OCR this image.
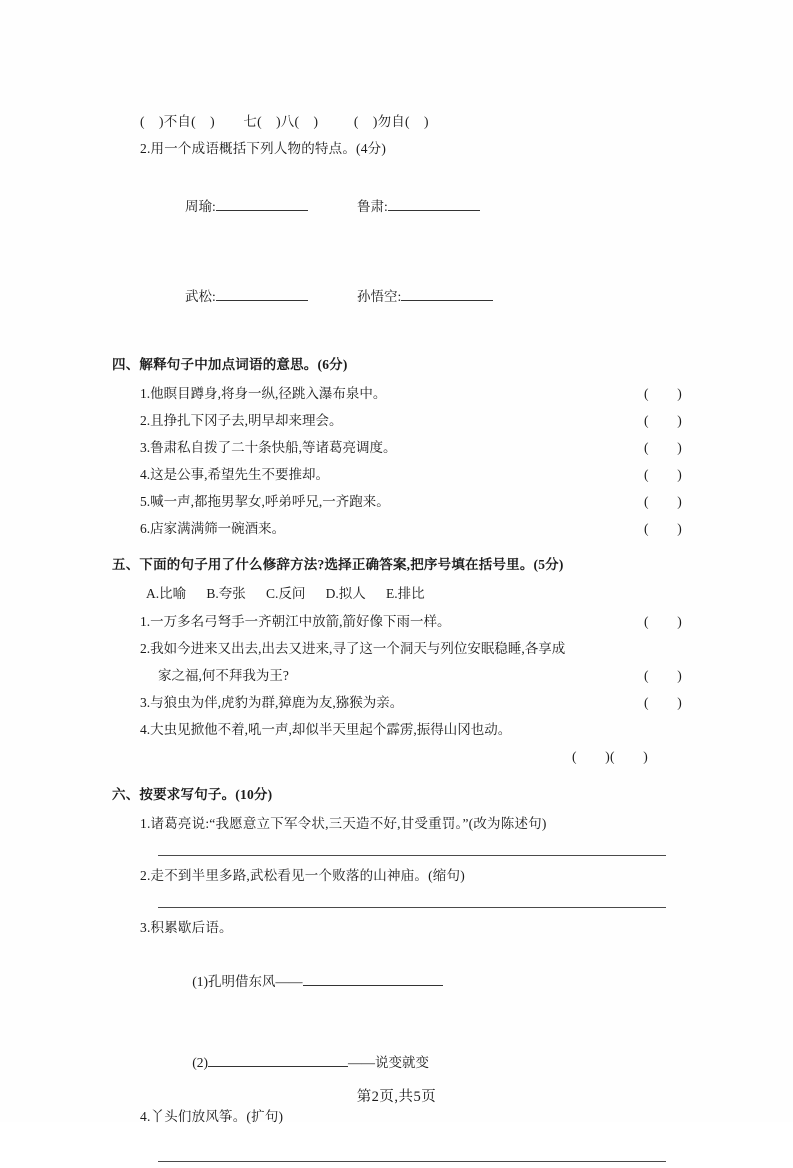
(    )不自(    )        七(    )八(    )          (    )勿自(    )
2.用一个成语概括下列人物的特点。(4分)

周瑜:
	鲁肃:

武松:
	孙悟空:

四、解释句子中加点词语的意思。(6分)
1.他瞑目蹲身,将身一纵,径跳入瀑布泉中。	(        )
2.且挣扎下冈子去,明早却来理会。	(        )
3.鲁肃私自拨了二十条快船,等诸葛亮调度。	(        )
4.这是公事,希望先生不要推却。	(        )
5.喊一声,都拖男挈女,呼弟呼兄,一齐跑来。	(        )
6.店家满满筛一碗酒来。	(        )
五、下面的句子用了什么修辞方法?选择正确答案,把序号填在括号里。(5分)
A.比喻      B.夸张      C.反问      D.拟人      E.排比
1.一万多名弓弩手一齐朝江中放箭,箭好像下雨一样。	(        )
2.我如今进来又出去,出去又进来,寻了这一个洞天与列位安眠稳睡,各享成
家之福,何不拜我为王?	(        )
3.与狼虫为伴,虎豹为群,獐鹿为友,猕猴为亲。	(        )
4.大虫见掀他不着,吼一声,却似半天里起个霹雳,振得山冈也动。
(        )(        )
六、按要求写句子。(10分)
1.诸葛亮说:“我愿意立下军令状,三天造不好,甘受重罚。”(改为陈述句)
2.走不到半里多路,武松看见一个败落的山神庙。(缩句)
3.积累歇后语。

(1)孔明借东风——

(2)	——说变就变

4.丫头们放风筝。(扩句)
第2页,共5页
